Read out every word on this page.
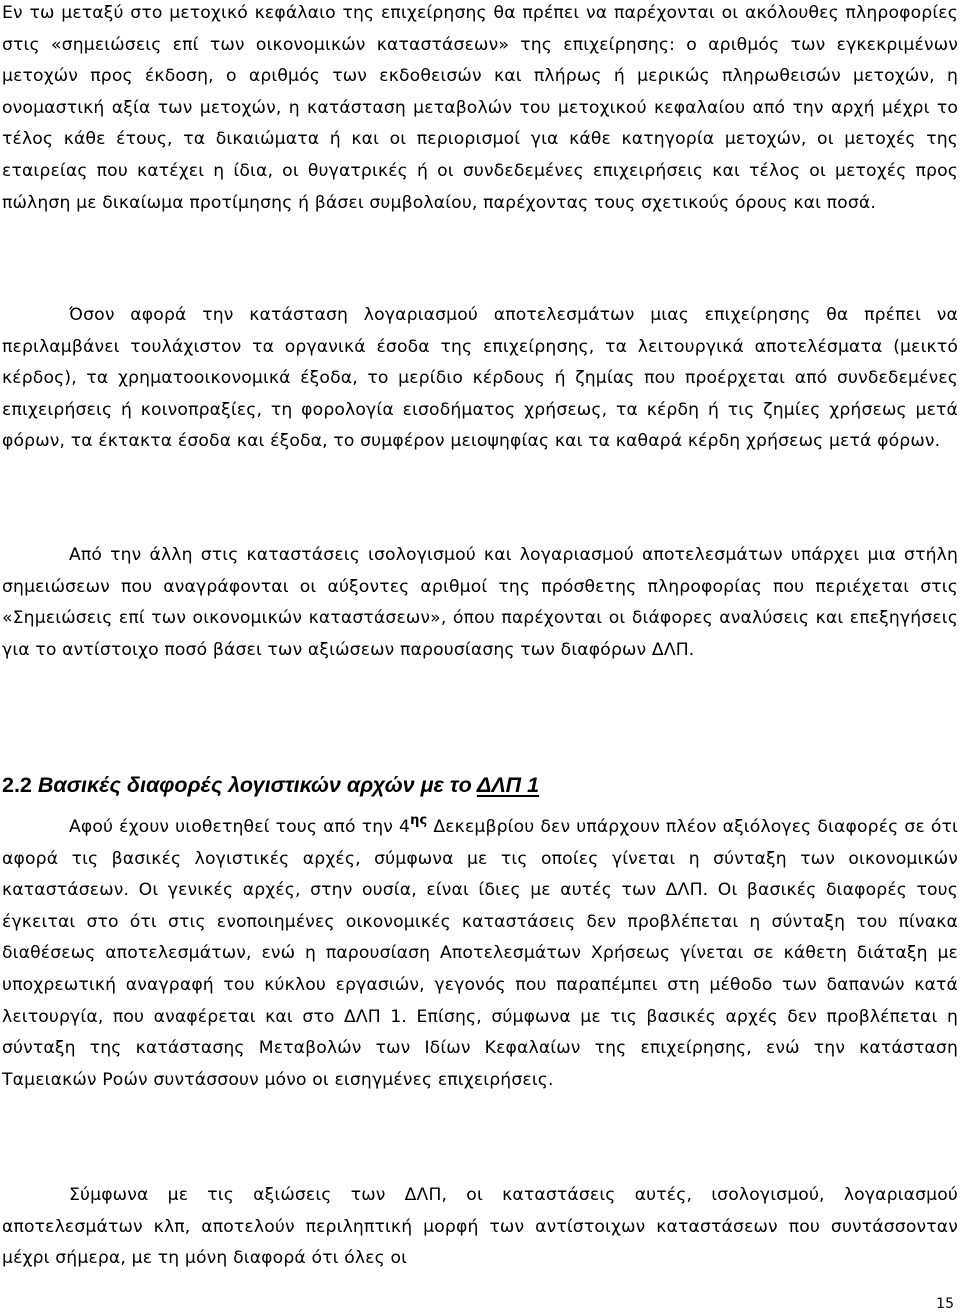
Εν τω μεταξύ στο μετοχικό κεφάλαιο της επιχείρησης θα πρέπει να παρέχονται οι ακόλουθες πληροφορίες στις «σημειώσεις επί των οικονομικών καταστάσεων» της επιχείρησης: ο αριθμός των εγκεκριμένων μετοχών προς έκδοση, ο αριθμός των εκδοθεισών και πλήρως ή μερικώς πληρωθεισών μετοχών, η ονομαστική αξία των μετοχών, η κατάσταση μεταβολών του μετοχικού κεφαλαίου από την αρχή μέχρι το τέλος κάθε έτους, τα δικαιώματα ή και οι περιορισμοί για κάθε κατηγορία μετοχών, οι μετοχές της εταιρείας που κατέχει η ίδια, οι θυγατρικές ή οι συνδεδεμένες επιχειρήσεις και τέλος οι μετοχές προς πώληση με δικαίωμα προτίμησης ή βάσει συμβολαίου, παρέχοντας τους σχετικούς όρους και ποσά.

Όσον αφορά την κατάσταση λογαριασμού αποτελεσμάτων μιας επιχείρησης θα πρέπει να περιλαμβάνει τουλάχιστον τα οργανικά έσοδα της επιχείρησης, τα λειτουργικά αποτελέσματα (μεικτό κέρδος), τα χρηματοοικονομικά έξοδα, το μερίδιο κέρδους ή ζημίας που προέρχεται από συνδεδεμένες επιχειρήσεις ή κοινοπραξίες, τη φορολογία εισοδήματος χρήσεως, τα κέρδη ή τις ζημίες χρήσεως μετά φόρων, τα έκτακτα έσοδα και έξοδα, το συμφέρον μειοψηφίας και τα καθαρά κέρδη χρήσεως μετά φόρων.

Από την άλλη στις καταστάσεις ισολογισμού και λογαριασμού αποτελεσμάτων υπάρχει μια στήλη σημειώσεων που αναγράφονται οι αύξοντες αριθμοί της πρόσθετης πληροφορίας που περιέχεται στις «Σημειώσεις επί των οικονομικών καταστάσεων», όπου παρέχονται οι διάφορες αναλύσεις και επεξηγήσεις για το αντίστοιχο ποσό βάσει των αξιώσεων παρουσίασης των διαφόρων ΔΛΠ.

2.2 Βασικές διαφορές λογιστικών αρχών με το ΔΛΠ 1

Αφού έχουν υιοθετηθεί τους από την $4^{\eta\varsigma}$ Δεκεμβρίου δεν υπάρχουν πλέον αξιόλογες διαφορές σε ότι αφορά τις βασικές λογιστικές αρχές, σύμφωνα με τις οποίες γίνεται η σύνταξη των οικονομικών καταστάσεων. Οι γενικές αρχές, στην ουσία, είναι ίδιες με αυτές των ΔΛΠ. Οι βασικές διαφορές τους έγκειται στο ότι στις ενοποιημένες οικονομικές καταστάσεις δεν προβλέπεται η σύνταξη του πίνακα διαθέσεως αποτελεσμάτων, ενώ η παρουσίαση Αποτελεσμάτων Χρήσεως γίνεται σε κάθετη διάταξη με υποχρεωτική αναγραφή του κύκλου εργασιών, γεγονός που παραπέμπει στη μέθοδο των δαπανών κατά λειτουργία, που αναφέρεται και στο ΔΛΠ 1. Επίσης, σύμφωνα με τις βασικές αρχές δεν προβλέπεται η σύνταξη της κατάστασης Μεταβολών των Ιδίων Κεφαλαίων της επιχείρησης, ενώ την κατάσταση Ταμειακών Ροών συντάσσουν μόνο οι εισηγμένες επιχειρήσεις.

Σύμφωνα με τις αξιώσεις των ΔΛΠ, οι καταστάσεις αυτές, ισολογισμού, λογαριασμού αποτελεσμάτων κλπ, αποτελούν περιληπτική μορφή των αντίστοιχων καταστάσεων που συντάσσονταν μέχρι σήμερα, με τη μόνη διαφορά ότι όλες οι

15
